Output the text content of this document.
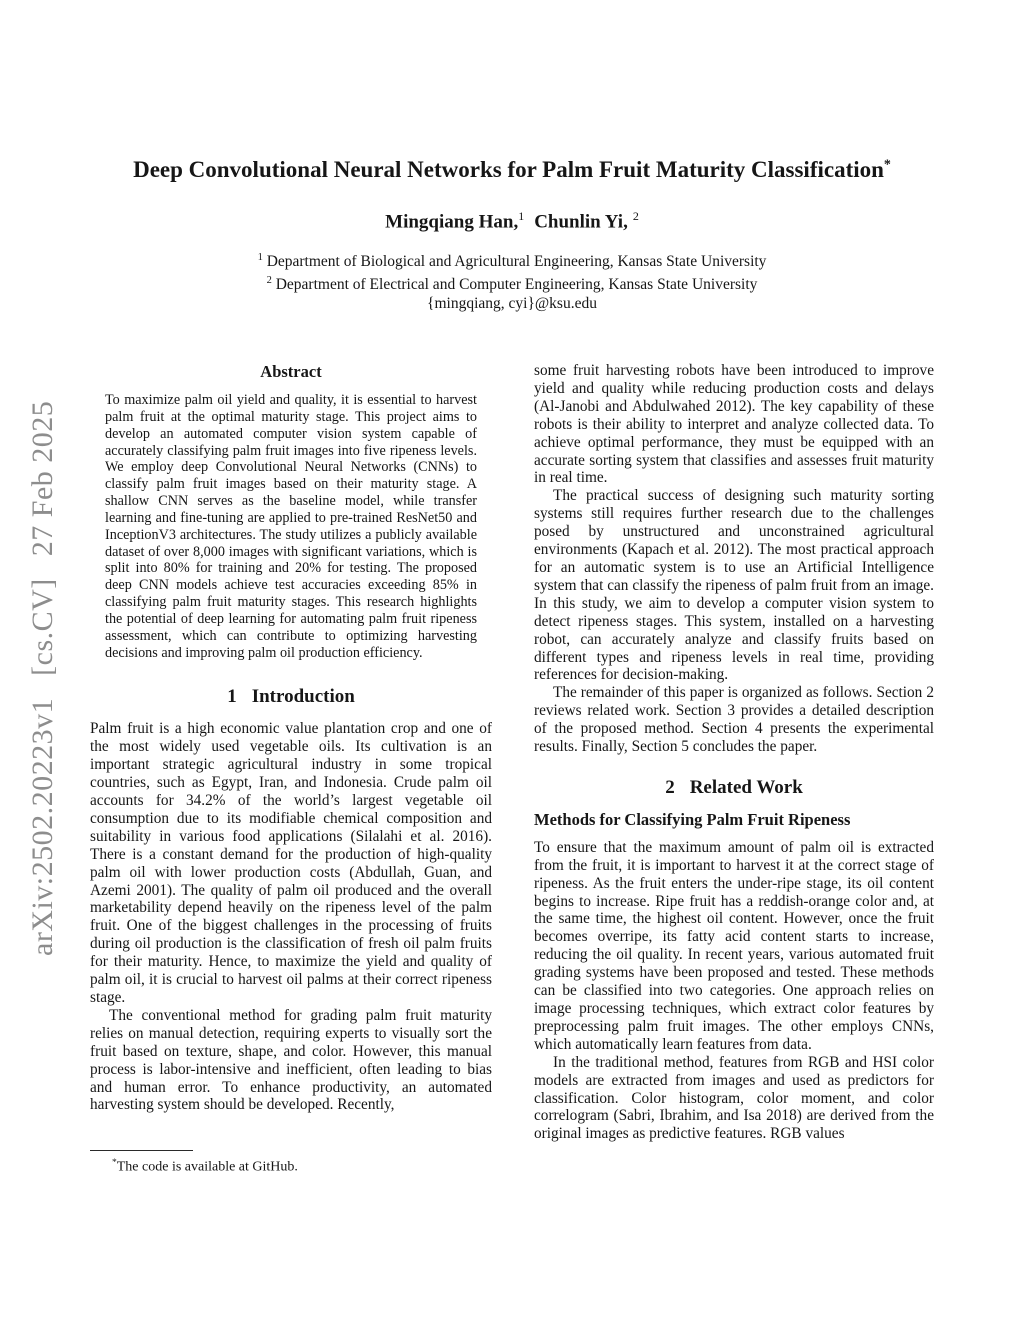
arXiv:2502.20223v1[cs.CV]27 Feb 2025
Deep Convolutional Neural Networks for Palm Fruit Maturity Classification*
Mingqiang Han,$^1$ Chunlin Yi, $^2$
$^1$ Department of Biological and Agricultural Engineering, Kansas State University
$^2$ Department of Electrical and Computer Engineering, Kansas State University
{mingqiang, cyi}@ksu.edu
Abstract

To maximize palm oil yield and quality, it is essential to harvest palm fruit at the optimal maturity stage. This project aims to develop an automated computer vision system capable of accurately classifying palm fruit images into five ripeness levels. We employ deep Convolutional Neural Networks (CNNs) to classify palm fruit images based on their maturity stage. A shallow CNN serves as the baseline model, while transfer learning and fine-tuning are applied to pre-trained ResNet50 and InceptionV3 architectures. The study utilizes a publicly available dataset of over 8,000 images with significant variations, which is split into 80% for training and 20% for testing. The proposed deep CNN models achieve test accuracies exceeding 85% in classifying palm fruit maturity stages. This research highlights the potential of deep learning for automating palm fruit ripeness assessment, which can contribute to optimizing harvesting decisions and improving palm oil production efficiency.

1 Introduction

Palm fruit is a high economic value plantation crop and one of the most widely used vegetable oils. Its cultivation is an important strategic agricultural industry in some tropical countries, such as Egypt, Iran, and Indonesia. Crude palm oil accounts for 34.2% of the world’s largest vegetable oil consumption due to its modifiable chemical composition and suitability in various food applications (Silalahi et al. 2016). There is a constant demand for the production of high-quality palm oil with lower production costs (Abdullah, Guan, and Azemi 2001). The quality of palm oil produced and the overall marketability depend heavily on the ripeness level of the palm fruit. One of the biggest challenges in the processing of fruits during oil production is the classification of fresh oil palm fruits for their maturity. Hence, to maximize the yield and quality of palm oil, it is crucial to harvest oil palms at their correct ripeness stage.

The conventional method for grading palm fruit maturity relies on manual detection, requiring experts to visually sort the fruit based on texture, shape, and color. However, this manual process is labor-intensive and inefficient, often leading to bias and human error. To enhance productivity, an automated harvesting system should be developed. Recently,

some fruit harvesting robots have been introduced to improve yield and quality while reducing production costs and delays (Al-Janobi and Abdulwahed 2012). The key capability of these robots is their ability to interpret and analyze collected data. To achieve optimal performance, they must be equipped with an accurate sorting system that classifies and assesses fruit maturity in real time.

The practical success of designing such maturity sorting systems still requires further research due to the challenges posed by unstructured and unconstrained agricultural environments (Kapach et al. 2012). The most practical approach for an automatic system is to use an Artificial Intelligence system that can classify the ripeness of palm fruit from an image. In this study, we aim to develop a computer vision system to detect ripeness stages. This system, installed on a harvesting robot, can accurately analyze and classify fruits based on different types and ripeness levels in real time, providing references for decision-making.

The remainder of this paper is organized as follows. Section 2 reviews related work. Section 3 provides a detailed description of the proposed method. Section 4 presents the experimental results. Finally, Section 5 concludes the paper.

2 Related Work
Methods for Classifying Palm Fruit Ripeness

To ensure that the maximum amount of palm oil is extracted from the fruit, it is important to harvest it at the correct stage of ripeness. As the fruit enters the under-ripe stage, its oil content begins to increase. Ripe fruit has a reddish-orange color and, at the same time, the highest oil content. However, once the fruit becomes overripe, its fatty acid content starts to increase, reducing the oil quality. In recent years, various automated fruit grading systems have been proposed and tested. These methods can be classified into two categories. One approach relies on image processing techniques, which extract color features by preprocessing palm fruit images. The other employs CNNs, which automatically learn features from data.

In the traditional method, features from RGB and HSI color models are extracted from images and used as predictors for classification. Color histogram, color moment, and color correlogram (Sabri, Ibrahim, and Isa 2018) are derived from the original images as predictive features. RGB values

*The code is available at GitHub.
